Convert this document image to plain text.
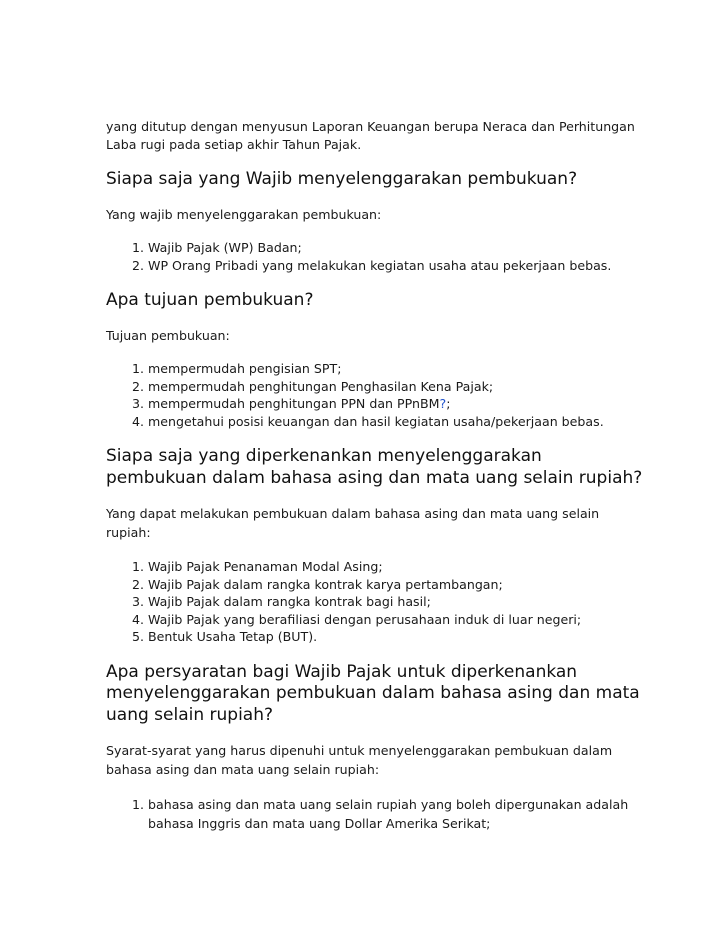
yang ditutup dengan menyusun Laporan Keuangan berupa Neraca dan Perhitungan Laba rugi pada setiap akhir Tahun Pajak.

Siapa saja yang Wajib menyelenggarakan pembukuan?

Yang wajib menyelenggarakan pembukuan:

1. Wajib Pajak (WP) Badan;
2. WP Orang Pribadi yang melakukan kegiatan usaha atau pekerjaan bebas.
Apa tujuan pembukuan?

Tujuan pembukuan:

1. mempermudah pengisian SPT;
2. mempermudah penghitungan Penghasilan Kena Pajak;
3. mempermudah penghitungan PPN dan PPnBM?;
4. mengetahui posisi keuangan dan hasil kegiatan usaha/pekerjaan bebas.
Siapa saja yang diperkenankan menyelenggarakan pembukuan dalam bahasa asing dan mata uang selain rupiah?

Yang dapat melakukan pembukuan dalam bahasa asing dan mata uang selain rupiah:

1. Wajib Pajak Penanaman Modal Asing;
2. Wajib Pajak dalam rangka kontrak karya pertambangan;
3. Wajib Pajak dalam rangka kontrak bagi hasil;
4. Wajib Pajak yang berafiliasi dengan perusahaan induk di luar negeri;
5. Bentuk Usaha Tetap (BUT).
Apa persyaratan bagi Wajib Pajak untuk diperkenankan menyelenggarakan pembukuan dalam bahasa asing dan mata uang selain rupiah?

Syarat-syarat yang harus dipenuhi untuk menyelenggarakan pembukuan dalam bahasa asing dan mata uang selain rupiah:

1. bahasa asing dan mata uang selain rupiah yang boleh dipergunakan adalah bahasa Inggris dan mata uang Dollar Amerika Serikat;
